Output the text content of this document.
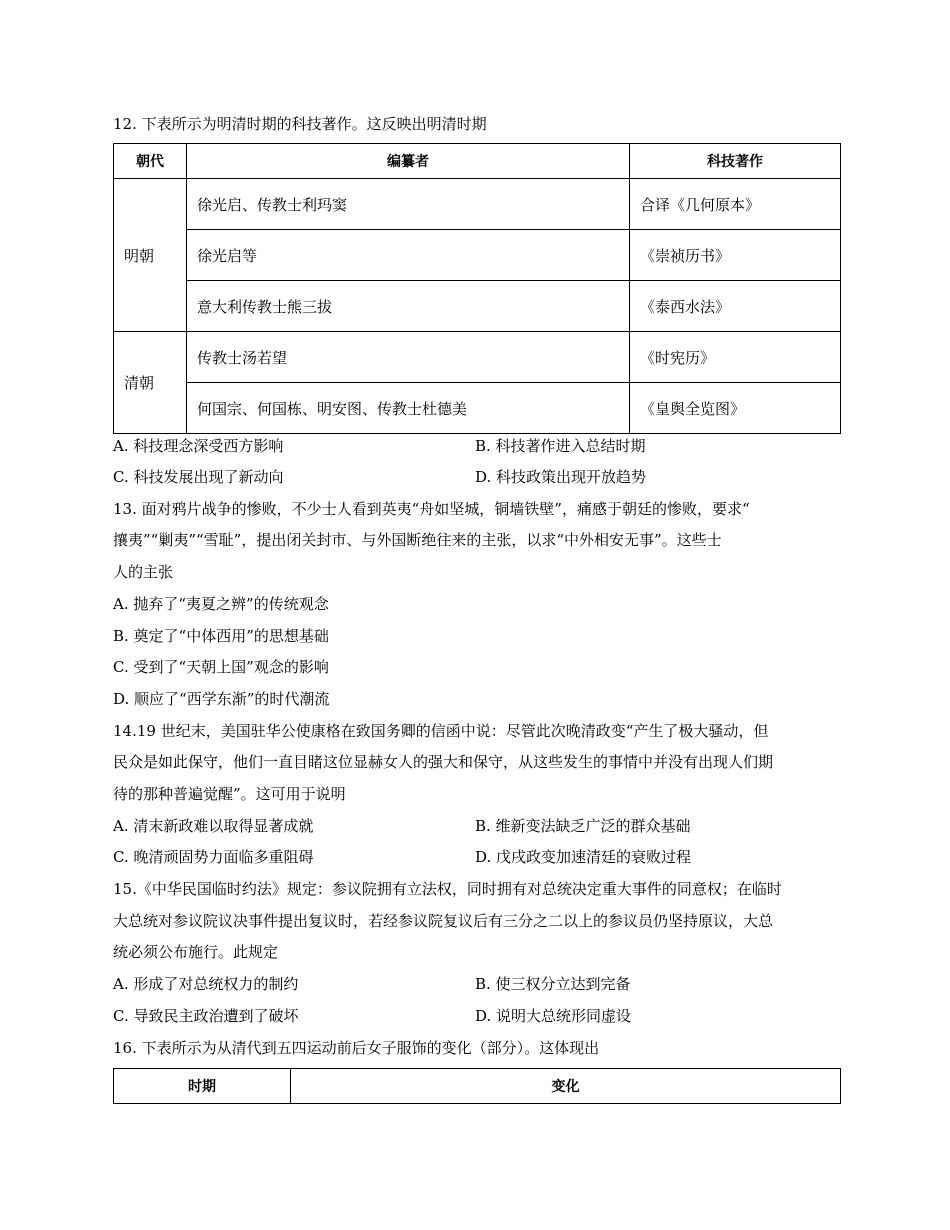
12. 下表所示为明清时期的科技著作。这反映出明清时期
朝代	编纂者	科技著作
明朝	徐光启、传教士利玛窦	合译《几何原本》
	徐光启等	《崇祯历书》
	意大利传教士熊三拔	《泰西水法》
清朝	传教士汤若望	《时宪历》
	何国宗、何国栋、明安图、传教士杜德美	《皇舆全览图》
A. 科技理念深受西方影响	B. 科技著作进入总结时期
C. 科技发展出现了新动向	D. 科技政策出现开放趋势
13. 面对鸦片战争的惨败，不少士人看到英夷“舟如坚城，铜墙铁壁”，痛感于朝廷的惨败，要求“
攘夷”“剿夷”“雪耻”，提出闭关封市、与外国断绝往来的主张，以求“中外相安无事”。这些士
人的主张
A. 抛弃了“夷夏之辨”的传统观念
B. 奠定了“中体西用”的思想基础
C. 受到了“天朝上国”观念的影响
D. 顺应了“西学东渐”的时代潮流
14.19 世纪末，美国驻华公使康格在致国务卿的信函中说：尽管此次晚清政变“产生了极大骚动，但
民众是如此保守，他们一直目睹这位显赫女人的强大和保守，从这些发生的事情中并没有出现人们期
待的那种普遍觉醒”。这可用于说明
A. 清末新政难以取得显著成就	B. 维新变法缺乏广泛的群众基础
C. 晚清顽固势力面临多重阻碍	D. 戊戌政变加速清廷的衰败过程
15.《中华民国临时约法》规定：参议院拥有立法权，同时拥有对总统决定重大事件的同意权；在临时
大总统对参议院议决事件提出复议时，若经参议院复议后有三分之二以上的参议员仍坚持原议，大总
统必须公布施行。此规定
A. 形成了对总统权力的制约	B. 使三权分立达到完备
C. 导致民主政治遭到了破坏	D. 说明大总统形同虚设
16. 下表所示为从清代到五四运动前后女子服饰的变化（部分）。这体现出
时期	变化
